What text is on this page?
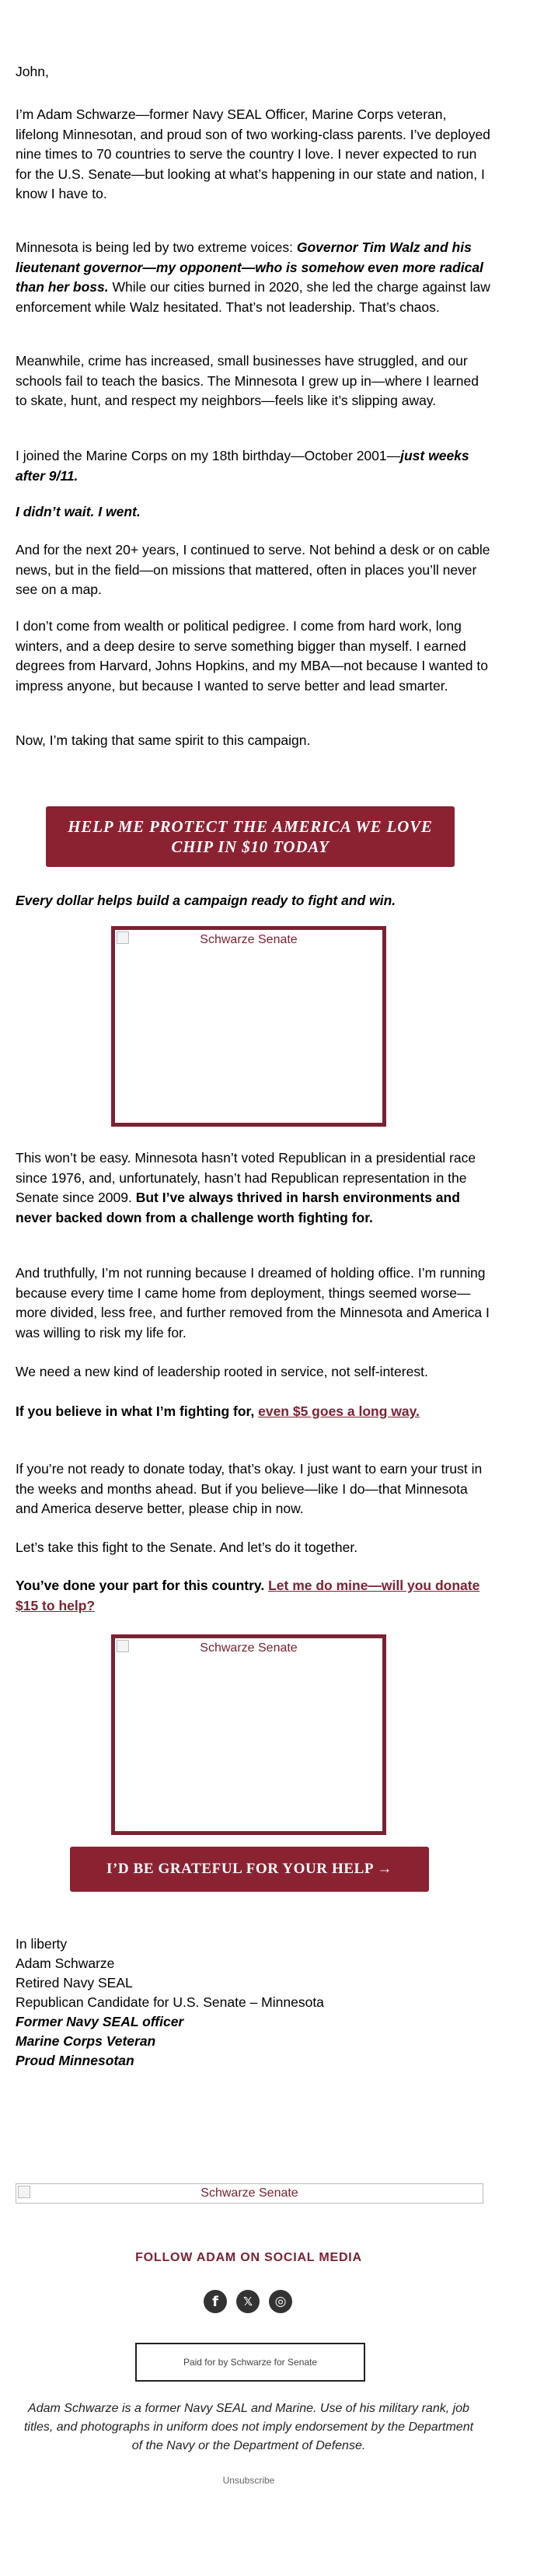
John,

I’m Adam Schwarze—former Navy SEAL Officer, Marine Corps veteran, lifelong Minnesotan, and proud son of two working-class parents. I’ve deployed nine times to 70 countries to serve the country I love. I never expected to run for the U.S. Senate—but looking at what’s happening in our state and nation, I know I have to.

Minnesota is being led by two extreme voices: Governor Tim Walz and his lieutenant governor—my opponent—who is somehow even more radical than her boss. While our cities burned in 2020, she led the charge against law enforcement while Walz hesitated. That’s not leadership. That’s chaos.

Meanwhile, crime has increased, small businesses have struggled, and our schools fail to teach the basics. The Minnesota I grew up in—where I learned to skate, hunt, and respect my neighbors—feels like it’s slipping away.

I joined the Marine Corps on my 18th birthday—October 2001—just weeks after 9/11.

I didn’t wait. I went.

And for the next 20+ years, I continued to serve. Not behind a desk or on cable news, but in the field—on missions that mattered, often in places you’ll never see on a map.

I don’t come from wealth or political pedigree. I come from hard work, long winters, and a deep desire to serve something bigger than myself. I earned degrees from Harvard, Johns Hopkins, and my MBA—not because I wanted to impress anyone, but because I wanted to serve better and lead smarter.

Now, I’m taking that same spirit to this campaign.

HELP ME PROTECT THE AMERICA WE LOVE CHIP IN $10 TODAY

Every dollar helps build a campaign ready to fight and win.

Schwarze Senate

This won’t be easy. Minnesota hasn’t voted Republican in a presidential race since 1976, and, unfortunately, hasn’t had Republican representation in the Senate since 2009. But I’ve always thrived in harsh environments and never backed down from a challenge worth fighting for.

And truthfully, I’m not running because I dreamed of holding office. I’m running because every time I came home from deployment, things seemed worse—more divided, less free, and further removed from the Minnesota and America I was willing to risk my life for.

We need a new kind of leadership rooted in service, not self-interest.

If you believe in what I’m fighting for, even $5 goes a long way.

If you’re not ready to donate today, that’s okay. I just want to earn your trust in the weeks and months ahead. But if you believe—like I do—that Minnesota and America deserve better, please chip in now.

Let’s take this fight to the Senate. And let’s do it together.

You’ve done your part for this country. Let me do mine—will you donate $15 to help?

Schwarze Senate
I’D BE GRATEFUL FOR YOUR HELP →

In liberty

Adam Schwarze

Retired Navy SEAL

Republican Candidate for U.S. Senate – Minnesota

Former Navy SEAL officer

Marine Corps Veteran

Proud Minnesotan

Schwarze Senate
FOLLOW ADAM ON SOCIAL MEDIA
f	𝕏	◎
Paid for by Schwarze for Senate
Adam Schwarze is a former Navy SEAL and Marine. Use of his military rank, job titles, and photographs in uniform does not imply endorsement by the Department of the Navy or the Department of Defense.
Unsubscribe
